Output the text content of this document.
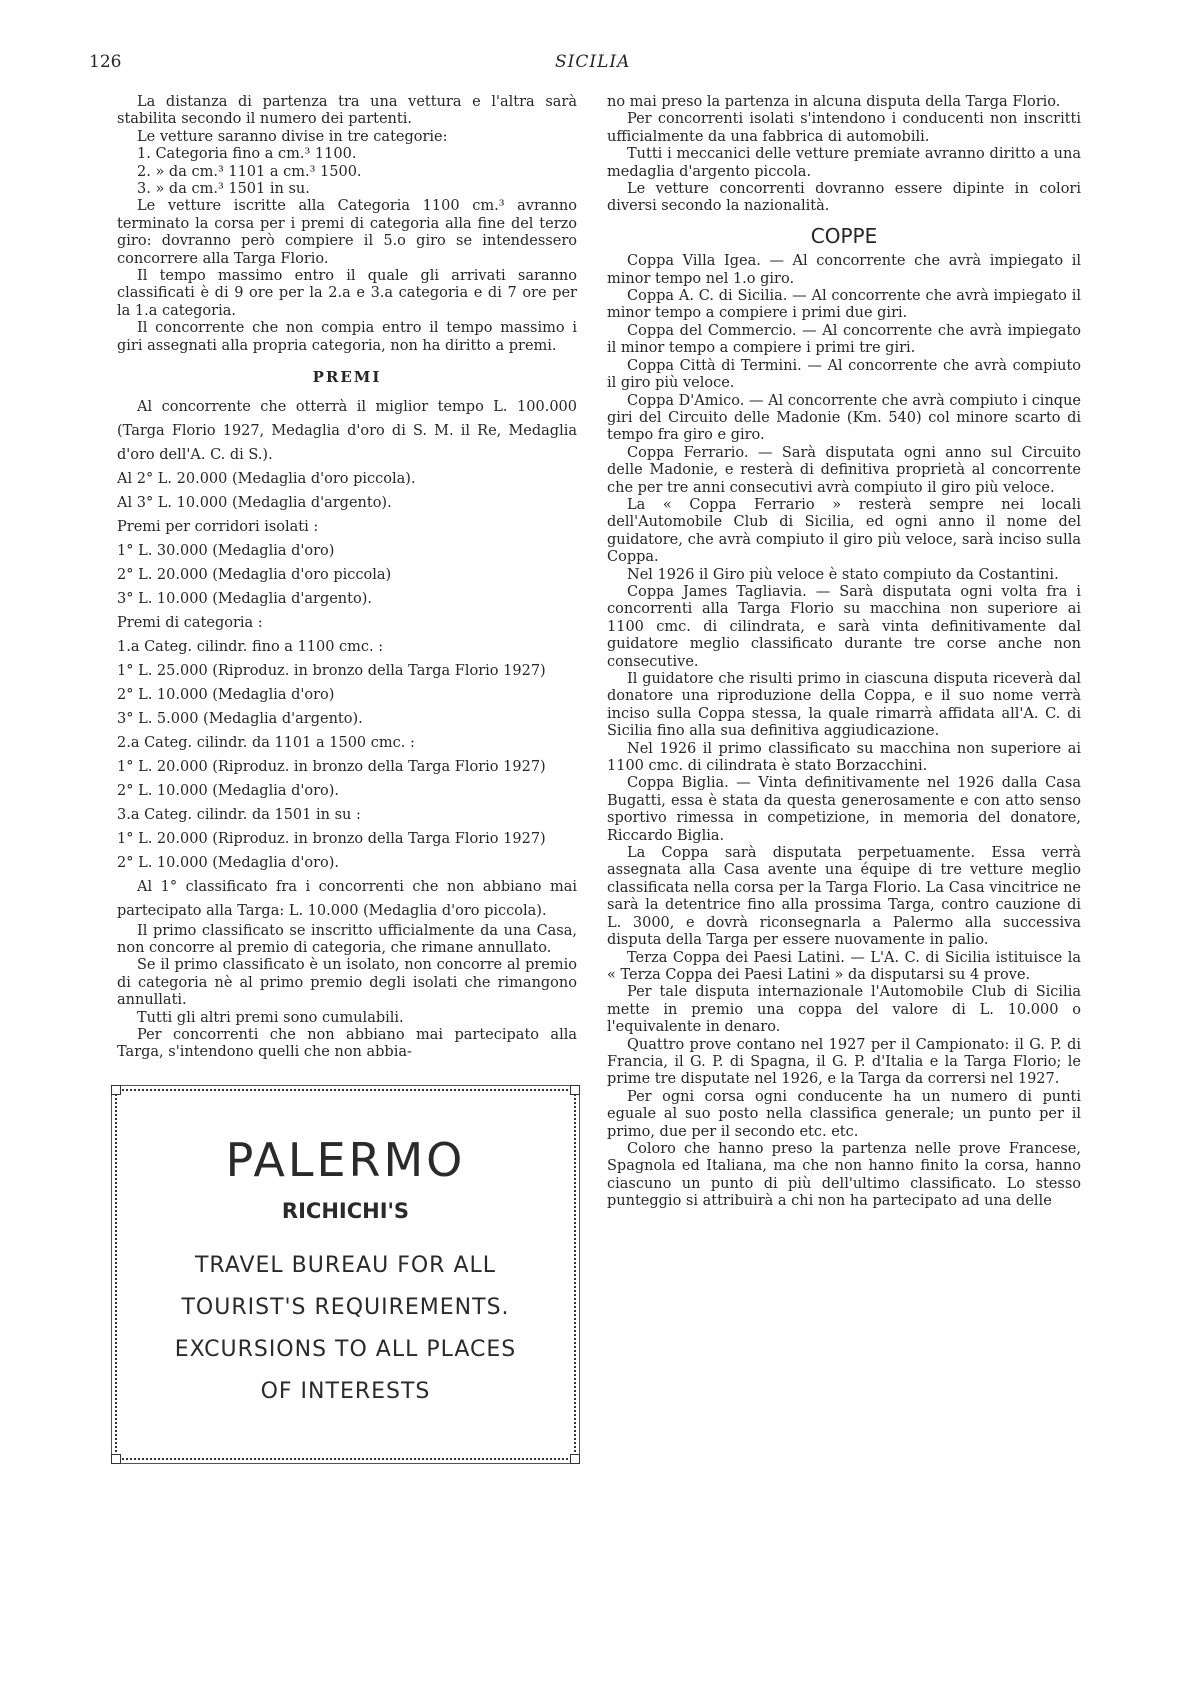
126	SICILIA

La distanza di partenza tra una vettura e l'altra sarà stabilita secondo il numero dei partenti.

Le vetture saranno divise in tre categorie:

1. Categoria fino a cm.³ 1100.

2. » da cm.³ 1101 a cm.³ 1500.

3. » da cm.³ 1501 in su.

Le vetture iscritte alla Categoria 1100 cm.³ avranno terminato la corsa per i premi di categoria alla fine del terzo giro: dovranno però compiere il 5.o giro se intendessero concorrere alla Targa Florio.

Il tempo massimo entro il quale gli arrivati saranno classificati è di 9 ore per la 2.a e 3.a categoria e di 7 ore per la 1.a categoria.

Il concorrente che non compia entro il tempo massimo i giri assegnati alla propria categoria, non ha diritto a premi.

PREMI

Al concorrente che otterrà il miglior tempo L. 100.000 (Targa Florio 1927, Medaglia d'oro di S. M. il Re, Medaglia d'oro dell'A. C. di S.).

Al 2° L. 20.000 (Medaglia d'oro piccola).

Al 3° L. 10.000 (Medaglia d'argento).

Premi per corridori isolati :

1° L. 30.000 (Medaglia d'oro)

2° L. 20.000 (Medaglia d'oro piccola)

3° L. 10.000 (Medaglia d'argento).

Premi di categoria :

1.a Categ. cilindr. fino a 1100 cmc. :

1° L. 25.000 (Riproduz. in bronzo della Targa Florio 1927)

2° L. 10.000 (Medaglia d'oro)

3° L. 5.000 (Medaglia d'argento).

2.a Categ. cilindr. da 1101 a 1500 cmc. :

1° L. 20.000 (Riproduz. in bronzo della Targa Florio 1927)

2° L. 10.000 (Medaglia d'oro).

3.a Categ. cilindr. da 1501 in su :

1° L. 20.000 (Riproduz. in bronzo della Targa Florio 1927)

2° L. 10.000 (Medaglia d'oro).

Al 1° classificato fra i concorrenti che non abbiano mai partecipato alla Targa: L. 10.000 (Medaglia d'oro piccola).

Il primo classificato se inscritto ufficialmente da una Casa, non concorre al premio di categoria, che rimane annullato.

Se il primo classificato è un isolato, non concorre al premio di categoria nè al primo premio degli isolati che rimangono annullati.

Tutti gli altri premi sono cumulabili.

Per concorrenti che non abbiano mai partecipato alla Targa, s'intendono quelli che non abbia-

PALERMO
RICHICHI'S
TRAVEL BUREAU FOR ALL
TOURIST'S REQUIREMENTS.
EXCURSIONS TO ALL PLACES
OF INTERESTS

no mai preso la partenza in alcuna disputa della Targa Florio.

Per concorrenti isolati s'intendono i conducenti non inscritti ufficialmente da una fabbrica di automobili.

Tutti i meccanici delle vetture premiate avranno diritto a una medaglia d'argento piccola.

Le vetture concorrenti dovranno essere dipinte in colori diversi secondo la nazionalità.

COPPE

Coppa Villa Igea. — Al concorrente che avrà impiegato il minor tempo nel 1.o giro.

Coppa A. C. di Sicilia. — Al concorrente che avrà impiegato il minor tempo a compiere i primi due giri.

Coppa del Commercio. — Al concorrente che avrà impiegato il minor tempo a compiere i primi tre giri.

Coppa Città di Termini. — Al concorrente che avrà compiuto il giro più veloce.

Coppa D'Amico. — Al concorrente che avrà compiuto i cinque giri del Circuito delle Madonie (Km. 540) col minore scarto di tempo fra giro e giro.

Coppa Ferrario. — Sarà disputata ogni anno sul Circuito delle Madonie, e resterà di definitiva proprietà al concorrente che per tre anni consecutivi avrà compiuto il giro più veloce.

La « Coppa Ferrario » resterà sempre nei locali dell'Automobile Club di Sicilia, ed ogni anno il nome del guidatore, che avrà compiuto il giro più veloce, sarà inciso sulla Coppa.

Nel 1926 il Giro più veloce è stato compiuto da Costantini.

Coppa James Tagliavia. — Sarà disputata ogni volta fra i concorrenti alla Targa Florio su macchina non superiore ai 1100 cmc. di cilindrata, e sarà vinta definitivamente dal guidatore meglio classificato durante tre corse anche non consecutive.

Il guidatore che risulti primo in ciascuna disputa riceverà dal donatore una riproduzione della Coppa, e il suo nome verrà inciso sulla Coppa stessa, la quale rimarrà affidata all'A. C. di Sicilia fino alla sua definitiva aggiudicazione.

Nel 1926 il primo classificato su macchina non superiore ai 1100 cmc. di cilindrata è stato Borzacchini.

Coppa Biglia. — Vinta definitivamente nel 1926 dalla Casa Bugatti, essa è stata da questa generosamente e con atto senso sportivo rimessa in competizione, in memoria del donatore, Riccardo Biglia.

La Coppa sarà disputata perpetuamente. Essa verrà assegnata alla Casa avente una équipe di tre vetture meglio classificata nella corsa per la Targa Florio. La Casa vincitrice ne sarà la detentrice fino alla prossima Targa, contro cauzione di L. 3000, e dovrà riconsegnarla a Palermo alla successiva disputa della Targa per essere nuovamente in palio.

Terza Coppa dei Paesi Latini. — L'A. C. di Sicilia istituisce la « Terza Coppa dei Paesi Latini » da disputarsi su 4 prove.

Per tale disputa internazionale l'Automobile Club di Sicilia mette in premio una coppa del valore di L. 10.000 o l'equivalente in denaro.

Quattro prove contano nel 1927 per il Campionato: il G. P. di Francia, il G. P. di Spagna, il G. P. d'Italia e la Targa Florio; le prime tre disputate nel 1926, e la Targa da corrersi nel 1927.

Per ogni corsa ogni conducente ha un numero di punti eguale al suo posto nella classifica generale; un punto per il primo, due per il secondo etc. etc.

Coloro che hanno preso la partenza nelle prove Francese, Spagnola ed Italiana, ma che non hanno finito la corsa, hanno ciascuno un punto di più dell'ultimo classificato. Lo stesso punteggio si attribuirà a chi non ha partecipato ad una delle
